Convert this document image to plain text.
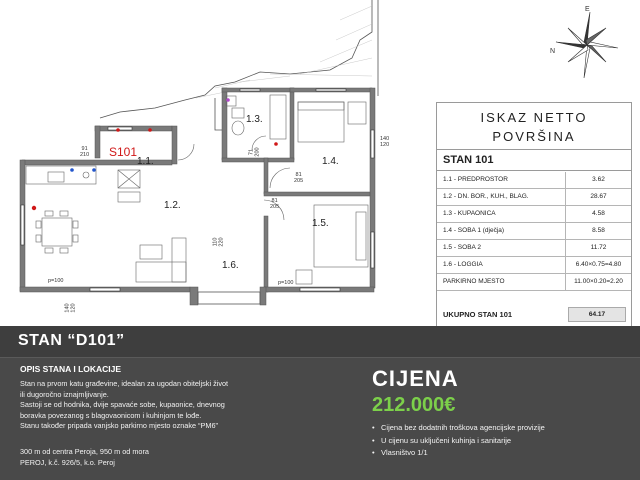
1.1.
1.2.
1.3.
1.4.
1.5.
1.6.
S101
91
210
81
205
81
205
110
220
140
120
140
120
p=100	p=100
71
200
N
E
ISKAZ NETTO
POVRŠINA
STAN 101
1.1 - PREDPROSTOR	3.62
1.2 - DN. BOR., KUH., BLAG.	28.67
1.3 - KUPAONICA	4.58
1.4 - SOBA 1 (dječja)	8.58
1.5 - SOBA 2	11.72
1.6 - LOGGIA	6.40×0.75=4.80
PARKIRNO MJESTO	11.00×0.20=2.20
UKUPNO STAN 101	64.17
STAN “D101”
OPIS STANA I LOKACIJE
Stan na prvom katu građevine, idealan za ugodan obiteljski život
ili dugoročno iznajmljivanje.
Sastoji se od hodnika, dvije spavaće sobe, kupaonice, dnevnog
boravka povezanog s blagovaonicom i kuhinjom te lođe.
Stanu također pripada vanjsko parkirno mjesto oznake “PM6”
300 m od centra Peroja, 950 m od mora
PEROJ, k.č. 926/5, k.o. Peroj
CIJENA
212.000€
• Cijena bez dodatnih troškova agencijske provizije
• U cijenu su uključeni kuhinja i sanitarije
• Vlasništvo 1/1
